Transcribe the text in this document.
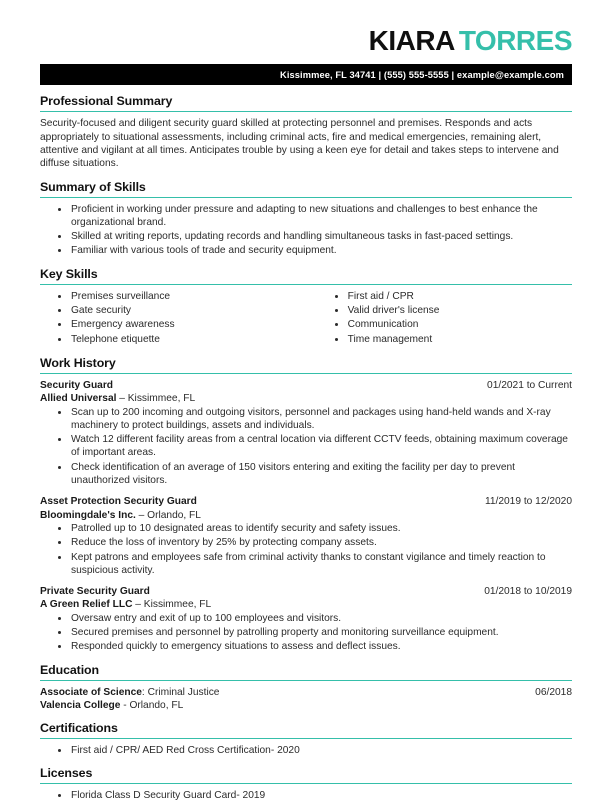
KIARA TORRES
Kissimmee, FL 34741 | (555) 555-5555 | example@example.com
Professional Summary

Security-focused and diligent security guard skilled at protecting personnel and premises. Responds and acts appropriately to situational assessments, including criminal acts, fire and medical emergencies, remaining alert, attentive and vigilant at all times. Anticipates trouble by using a keen eye for detail and takes steps to intervene and diffuse situations.

Summary of Skills
• Proficient in working under pressure and adapting to new situations and challenges to best enhance the organizational brand.
• Skilled at writing reports, updating records and handling simultaneous tasks in fast-paced settings.
• Familiar with various tools of trade and security equipment.
Key Skills
• Premises surveillance
• Gate security
• Emergency awareness
• Telephone etiquette
• First aid / CPR
• Valid driver's license
• Communication
• Time management
Work History
Security Guard	01/2021 to Current
Allied Universal – Kissimmee, FL
• Scan up to 200 incoming and outgoing visitors, personnel and packages using hand-held wands and X-ray machinery to protect buildings, assets and individuals.
• Watch 12 different facility areas from a central location via different CCTV feeds, obtaining maximum coverage of important areas.
• Check identification of an average of 150 visitors entering and exiting the facility per day to prevent unauthorized visitors.
Asset Protection Security Guard	11/2019 to 12/2020
Bloomingdale's Inc. – Orlando, FL
• Patrolled up to 10 designated areas to identify security and safety issues.
• Reduce the loss of inventory by 25% by protecting company assets.
• Kept patrons and employees safe from criminal activity thanks to constant vigilance and timely reaction to suspicious activity.
Private Security Guard	01/2018 to 10/2019
A Green Relief LLC – Kissimmee, FL
• Oversaw entry and exit of up to 100 employees and visitors.
• Secured premises and personnel by patrolling property and monitoring surveillance equipment.
• Responded quickly to emergency situations to assess and deflect issues.
Education
Associate of Science: Criminal Justice	06/2018
Valencia College - Orlando, FL
Certifications
• First aid / CPR/ AED Red Cross Certification- 2020
Licenses
• Florida Class D Security Guard Card- 2019
